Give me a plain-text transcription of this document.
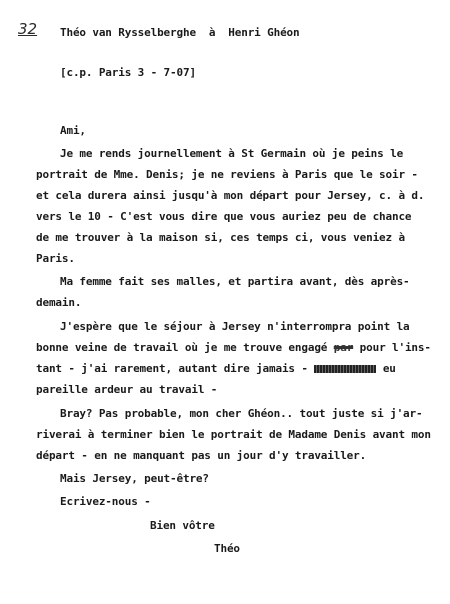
32 Théo van Rysselberghe  à  Henri Ghéon
[c.p. Paris 3 - 7-07]
Ami,
Je me rends journellement à St Germain où je peins le
portrait de Mme. Denis; je ne reviens à Paris que le soir -
et cela durera ainsi jusqu'à mon départ pour Jersey, c. à d.
vers le 10 - C'est vous dire que vous auriez peu de chance
de me trouver à la maison si, ces temps ci, vous veniez à
Paris.
Ma femme fait ses malles, et partira avant, dès après-
demain.
J'espère que le séjour à Jersey n'interrompra point la
bonne veine de travail où je me trouve engagé par pour l'ins-
tant - j'ai rarement, autant dire jamais -	eu
pareille ardeur au travail -
Bray? Pas probable, mon cher Ghéon.. tout juste si j'ar-
riverai à terminer bien le portrait de Madame Denis avant mon
départ - en ne manquant pas un jour d'y travailler.
Mais Jersey, peut-être?
Ecrivez-nous -
Bien vôtre
Théo
